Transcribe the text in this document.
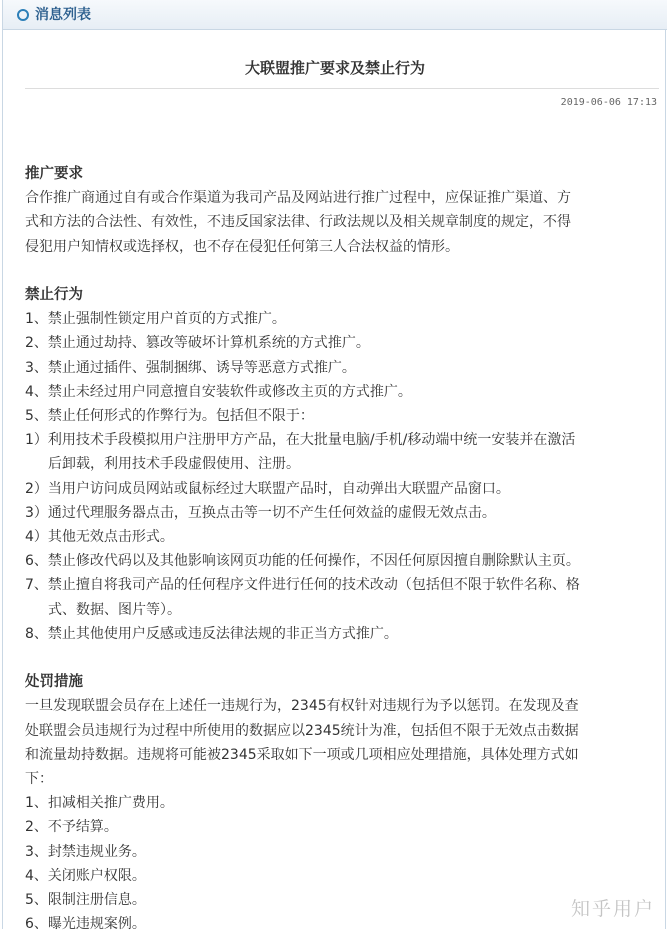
消息列表
大联盟推广要求及禁止行为
2019-06-06 17:13
推广要求
合作推广商通过自有或合作渠道为我司产品及网站进行推广过程中，应保证推广渠道、方
式和方法的合法性、有效性，不违反国家法律、行政法规以及相关规章制度的规定，不得
侵犯用户知情权或选择权，也不存在侵犯任何第三人合法权益的情形。
禁止行为
1、禁止强制性锁定用户首页的方式推广。
2、禁止通过劫持、篡改等破坏计算机系统的方式推广。
3、禁止通过插件、强制捆绑、诱导等恶意方式推广。
4、禁止未经过用户同意擅自安装软件或修改主页的方式推广。
5、禁止任何形式的作弊行为。包括但不限于：
1）利用技术手段模拟用户注册甲方产品，在大批量电脑/手机/移动端中统一安装并在激活
后卸载，利用技术手段虚假使用、注册。
2）当用户访问成员网站或鼠标经过大联盟产品时，自动弹出大联盟产品窗口。
3）通过代理服务器点击，互换点击等一切不产生任何效益的虚假无效点击。
4）其他无效点击形式。
6、禁止修改代码以及其他影响该网页功能的任何操作，不因任何原因擅自删除默认主页。
7、禁止擅自将我司产品的任何程序文件进行任何的技术改动（包括但不限于软件名称、格
式、数据、图片等）。
8、禁止其他使用户反感或违反法律法规的非正当方式推广。
处罚措施
一旦发现联盟会员存在上述任一违规行为，2345有权针对违规行为予以惩罚。在发现及查
处联盟会员违规行为过程中所使用的数据应以2345统计为准，包括但不限于无效点击数据
和流量劫持数据。违规将可能被2345采取如下一项或几项相应处理措施，具体处理方式如
下：
1、扣减相关推广费用。
2、不予结算。
3、封禁违规业务。
4、关闭账户权限。
5、限制注册信息。
6、曝光违规案例。
知乎用户
